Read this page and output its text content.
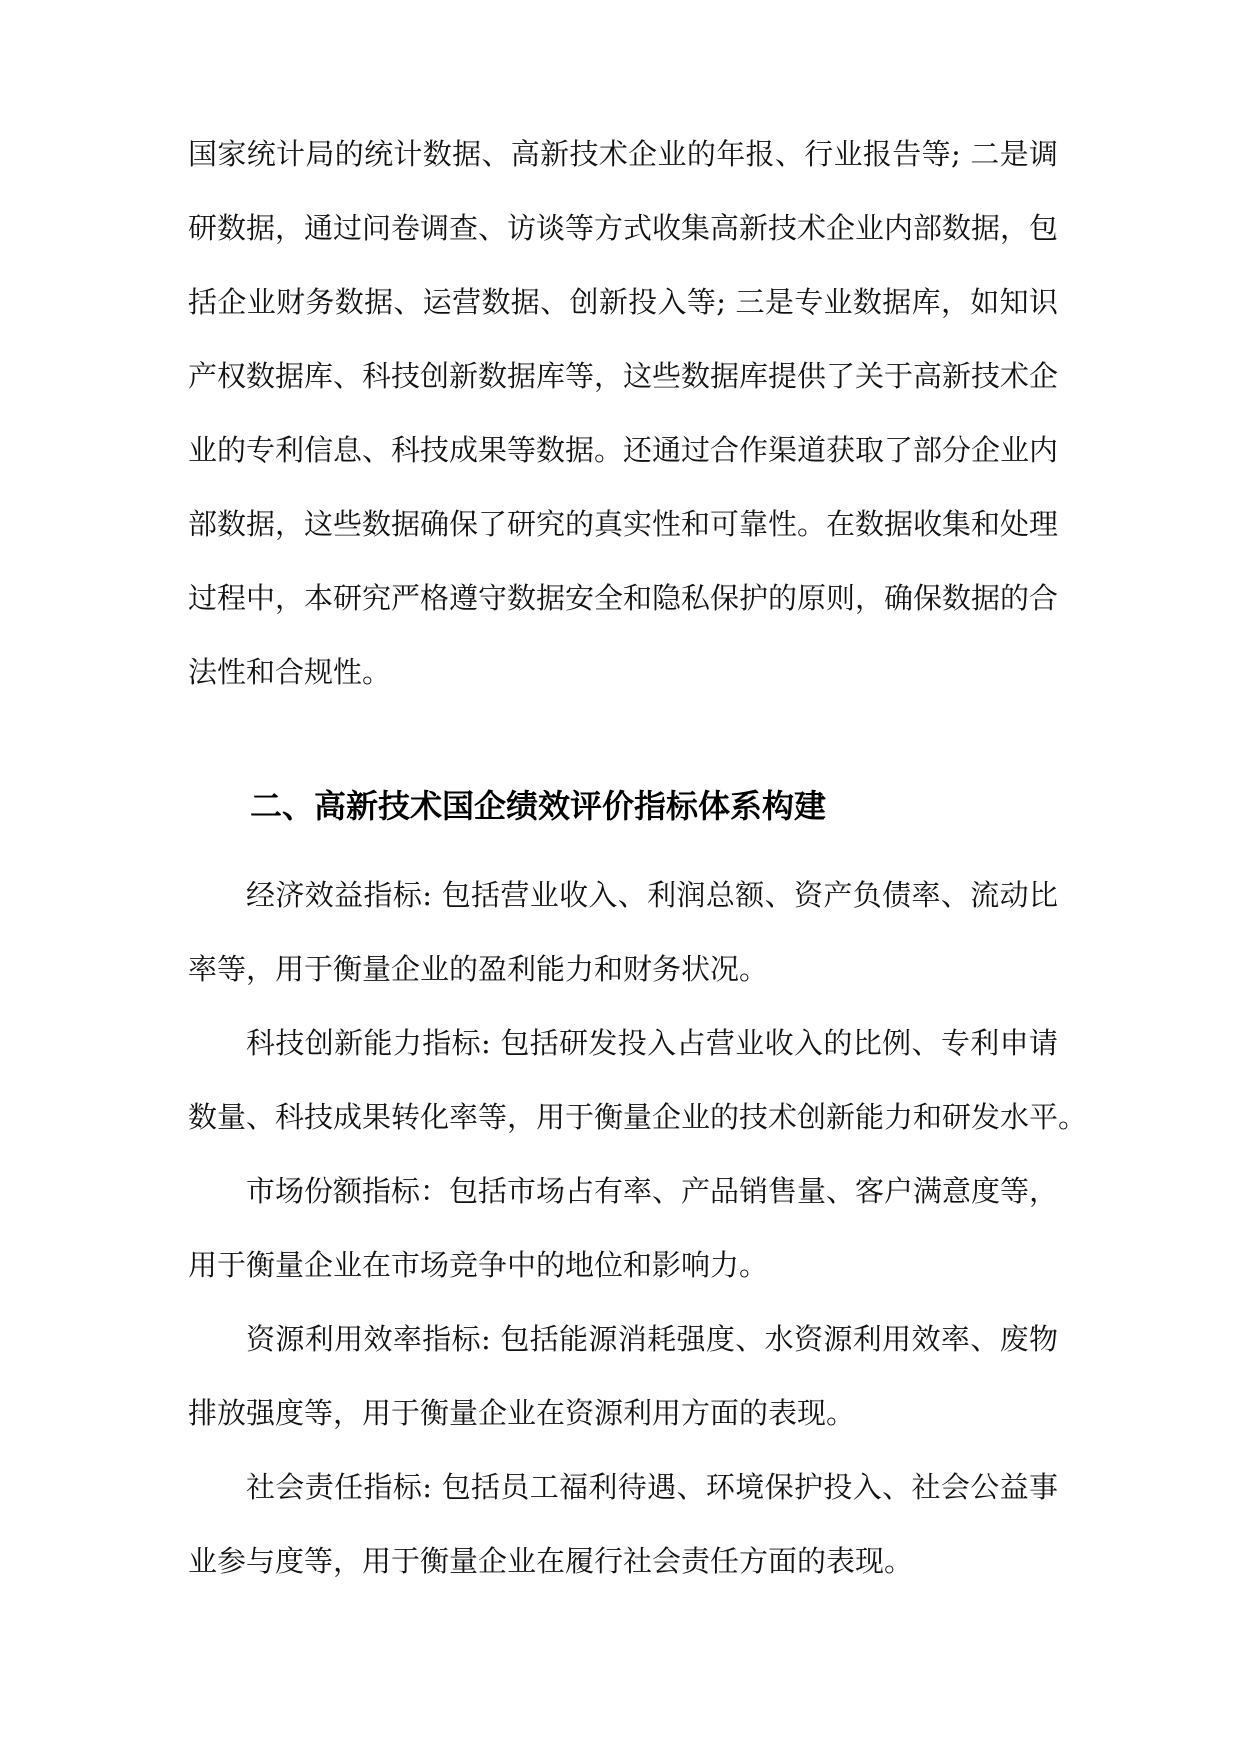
国家统计局的统计数据、高新技术企业的年报、行业报告等; 二是调
研数据，通过问卷调查、访谈等方式收集高新技术企业内部数据，包
括企业财务数据、运营数据、创新投入等; 三是专业数据库，如知识
产权数据库、科技创新数据库等，这些数据库提供了关于高新技术企
业的专利信息、科技成果等数据。还通过合作渠道获取了部分企业内
部数据，这些数据确保了研究的真实性和可靠性。在数据收集和处理
过程中，本研究严格遵守数据安全和隐私保护的原则，确保数据的合
法性和合规性。
二、高新技术国企绩效评价指标体系构建
经济效益指标: 包括营业收入、利润总额、资产负债率、流动比
率等，用于衡量企业的盈利能力和财务状况。
科技创新能力指标: 包括研发投入占营业收入的比例、专利申请
数量、科技成果转化率等，用于衡量企业的技术创新能力和研发水平。
市场份额指标：包括市场占有率、产品销售量、客户满意度等，
用于衡量企业在市场竞争中的地位和影响力。
资源利用效率指标: 包括能源消耗强度、水资源利用效率、废物
排放强度等，用于衡量企业在资源利用方面的表现。
社会责任指标: 包括员工福利待遇、环境保护投入、社会公益事
业参与度等，用于衡量企业在履行社会责任方面的表现。
